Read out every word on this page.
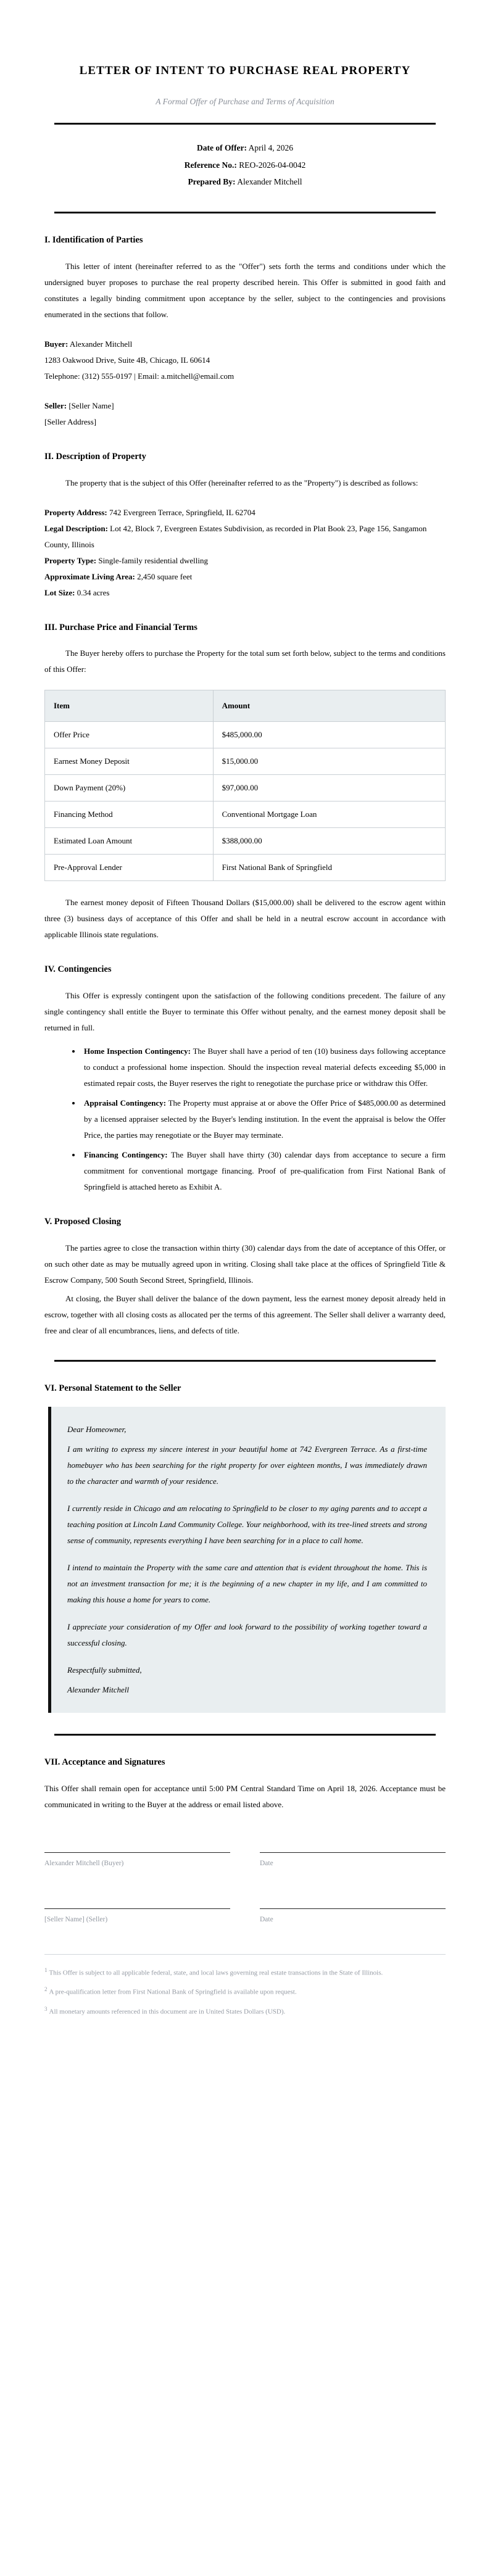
LETTER OF INTENT TO PURCHASE REAL PROPERTY

A Formal Offer of Purchase and Terms of Acquisition

Date of Offer: April 4, 2026
Reference No.: REO-2026-04-0042
Prepared By: Alexander Mitchell
I. Identification of Parties

This letter of intent (hereinafter referred to as the "Offer") sets forth the terms and conditions under which the undersigned buyer proposes to purchase the real property described herein. This Offer is submitted in good faith and constitutes a legally binding commitment upon acceptance by the seller, subject to the contingencies and provisions enumerated in the sections that follow.

Buyer: Alexander Mitchell

1283 Oakwood Drive, Suite 4B, Chicago, IL 60614

Telephone: (312) 555-0197 | Email: a.mitchell@email.com

Seller: [Seller Name]

[Seller Address]

II. Description of Property

The property that is the subject of this Offer (hereinafter referred to as the "Property") is described as follows:

Property Address: 742 Evergreen Terrace, Springfield, IL 62704

Legal Description: Lot 42, Block 7, Evergreen Estates Subdivision, as recorded in Plat Book 23, Page 156, Sangamon County, Illinois

Property Type: Single-family residential dwelling

Approximate Living Area: 2,450 square feet

Lot Size: 0.34 acres

III. Purchase Price and Financial Terms

The Buyer hereby offers to purchase the Property for the total sum set forth below, subject to the terms and conditions of this Offer:

Item	Amount
Offer Price	$485,000.00
Earnest Money Deposit	$15,000.00
Down Payment (20%)	$97,000.00
Financing Method	Conventional Mortgage Loan
Estimated Loan Amount	$388,000.00
Pre-Approval Lender	First National Bank of Springfield

The earnest money deposit of Fifteen Thousand Dollars ($15,000.00) shall be delivered to the escrow agent within three (3) business days of acceptance of this Offer and shall be held in a neutral escrow account in accordance with applicable Illinois state regulations.

IV. Contingencies

This Offer is expressly contingent upon the satisfaction of the following conditions precedent. The failure of any single contingency shall entitle the Buyer to terminate this Offer without penalty, and the earnest money deposit shall be returned in full.

• Home Inspection Contingency: The Buyer shall have a period of ten (10) business days following acceptance to conduct a professional home inspection. Should the inspection reveal material defects exceeding $5,000 in estimated repair costs, the Buyer reserves the right to renegotiate the purchase price or withdraw this Offer.
• Appraisal Contingency: The Property must appraise at or above the Offer Price of $485,000.00 as determined by a licensed appraiser selected by the Buyer's lending institution. In the event the appraisal is below the Offer Price, the parties may renegotiate or the Buyer may terminate.
• Financing Contingency: The Buyer shall have thirty (30) calendar days from acceptance to secure a firm commitment for conventional mortgage financing. Proof of pre-qualification from First National Bank of Springfield is attached hereto as Exhibit A.
V. Proposed Closing

The parties agree to close the transaction within thirty (30) calendar days from the date of acceptance of this Offer, or on such other date as may be mutually agreed upon in writing. Closing shall take place at the offices of Springfield Title & Escrow Company, 500 South Second Street, Springfield, Illinois.

At closing, the Buyer shall deliver the balance of the down payment, less the earnest money deposit already held in escrow, together with all closing costs as allocated per the terms of this agreement. The Seller shall deliver a warranty deed, free and clear of all encumbrances, liens, and defects of title.

VI. Personal Statement to the Seller

Dear Homeowner,

I am writing to express my sincere interest in your beautiful home at 742 Evergreen Terrace. As a first-time homebuyer who has been searching for the right property for over eighteen months, I was immediately drawn to the character and warmth of your residence.

I currently reside in Chicago and am relocating to Springfield to be closer to my aging parents and to accept a teaching position at Lincoln Land Community College. Your neighborhood, with its tree-lined streets and strong sense of community, represents everything I have been searching for in a place to call home.

I intend to maintain the Property with the same care and attention that is evident throughout the home. This is not an investment transaction for me; it is the beginning of a new chapter in my life, and I am committed to making this house a home for years to come.

I appreciate your consideration of my Offer and look forward to the possibility of working together toward a successful closing.

Respectfully submitted,

Alexander Mitchell

VII. Acceptance and Signatures

This Offer shall remain open for acceptance until 5:00 PM Central Standard Time on April 18, 2026. Acceptance must be communicated in writing to the Buyer at the address or email listed above.

Alexander Mitchell (Buyer)	Date
[Seller Name] (Seller)	Date

$^1$ This Offer is subject to all applicable federal, state, and local laws governing real estate transactions in the State of Illinois.

$^2$ A pre-qualification letter from First National Bank of Springfield is available upon request.

$^3$ All monetary amounts referenced in this document are in United States Dollars (USD).
